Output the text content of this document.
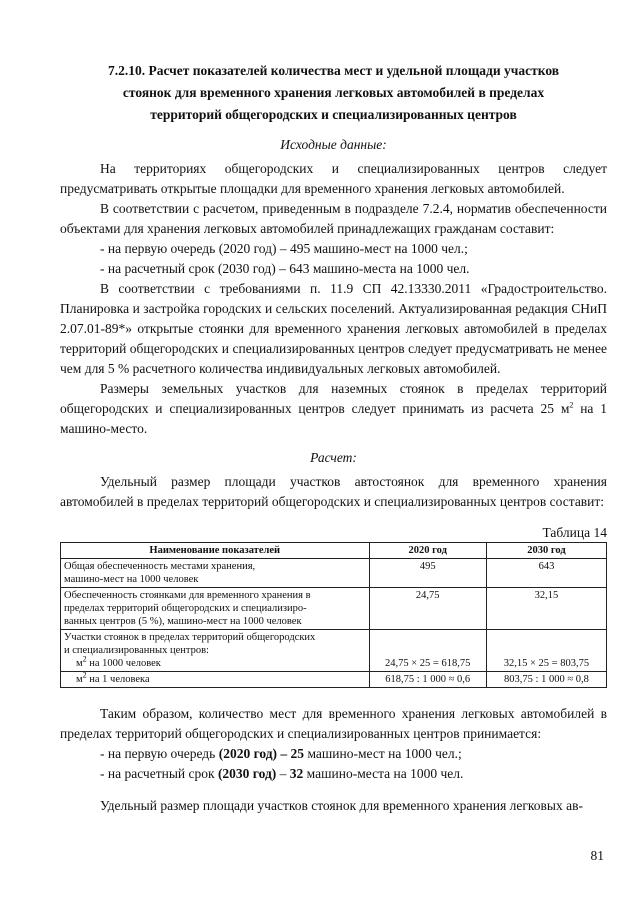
7.2.10. Расчет показателей количества мест и удельной площади участков
стоянок для временного хранения легковых автомобилей в пределах
территорий общегородских и специализированных центров
Исходные данные:

На территориях общегородских и специализированных центров следует предусматривать открытые площадки для временного хранения легковых автомобилей.

В соответствии с расчетом, приведенным в подразделе 7.2.4, норматив обеспеченности объектами для хранения легковых автомобилей принадлежащих гражданам составит:

- на первую очередь (2020 год) – 495 машино-мест на 1000 чел.;

- на расчетный срок (2030 год) – 643 машино-места на 1000 чел.

В соответствии с требованиями п. 11.9 СП 42.13330.2011 «Градостроительство. Планировка и застройка городских и сельских поселений. Актуализированная редакция СНиП 2.07.01-89*» открытые стоянки для временного хранения легковых автомобилей в пределах территорий общегородских и специализированных центров следует предусматривать не менее чем для 5 % расчетного количества индивидуальных легковых автомобилей.

Размеры земельных участков для наземных стоянок в пределах территорий общегородских и специализированных центров следует принимать из расчета 25 $м^2$ на 1 машино-место.

Расчет:

Удельный размер площади участков автостоянок для временного хранения автомобилей в пределах территорий общегородских и специализированных центров составит:

Таблица 14
Наименование показателей	2020 год	2030 год

Общая обеспеченность местами хранения,
машино-мест на 1000 человек	495	643

Обеспеченность стоянками для временного хранения в
пределах территорий общегородских и специализиро-
ванных центров (5 %), машино-мест на 1000 человек	24,75	32,15

Участки стоянок в пределах территорий общегородских
и специализированных центров:
$м^2$ на 1000 человек	24,75 × 25 = 618,75	32,15 × 25 = 803,75

$м^2$ на 1 человека	618,75 : 1 000 ≈ 0,6	803,75 : 1 000 ≈ 0,8

Таким образом, количество мест для временного хранения легковых автомобилей в пределах территорий общегородских и специализированных центров принимается:

- на первую очередь (2020 год) – 25 машино-мест на 1000 чел.;

- на расчетный срок (2030 год) – 32 машино-места на 1000 чел.

Удельный размер площади участков стоянок для временного хранения легковых ав-

81
